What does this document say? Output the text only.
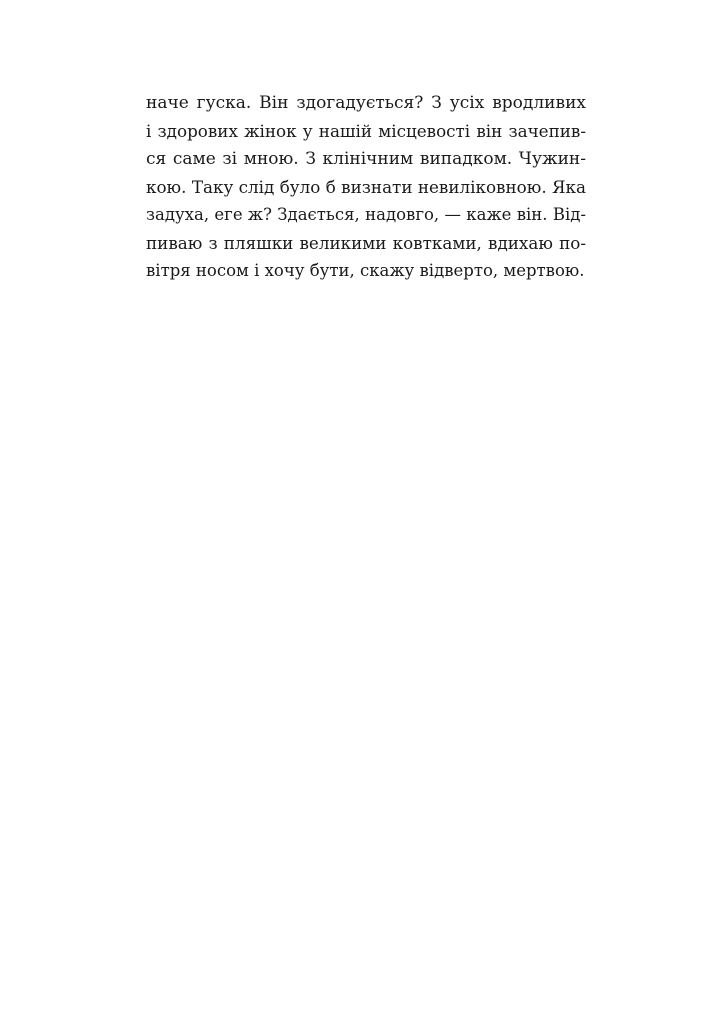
наче гуска. Він здогадується? З усіх вродливих
і здорових жінок у нашій місцевості він зачепив-
ся саме зі мною. З клінічним випадком. Чужин-
кою. Таку слід було б визнати невиліковною. Яка
задуха, еге ж? Здається, надовго, — каже він. Від-
пиваю з пляшки великими ковтками, вдихаю по-
вітря носом і хочу бути, скажу відверто, мертвою.
